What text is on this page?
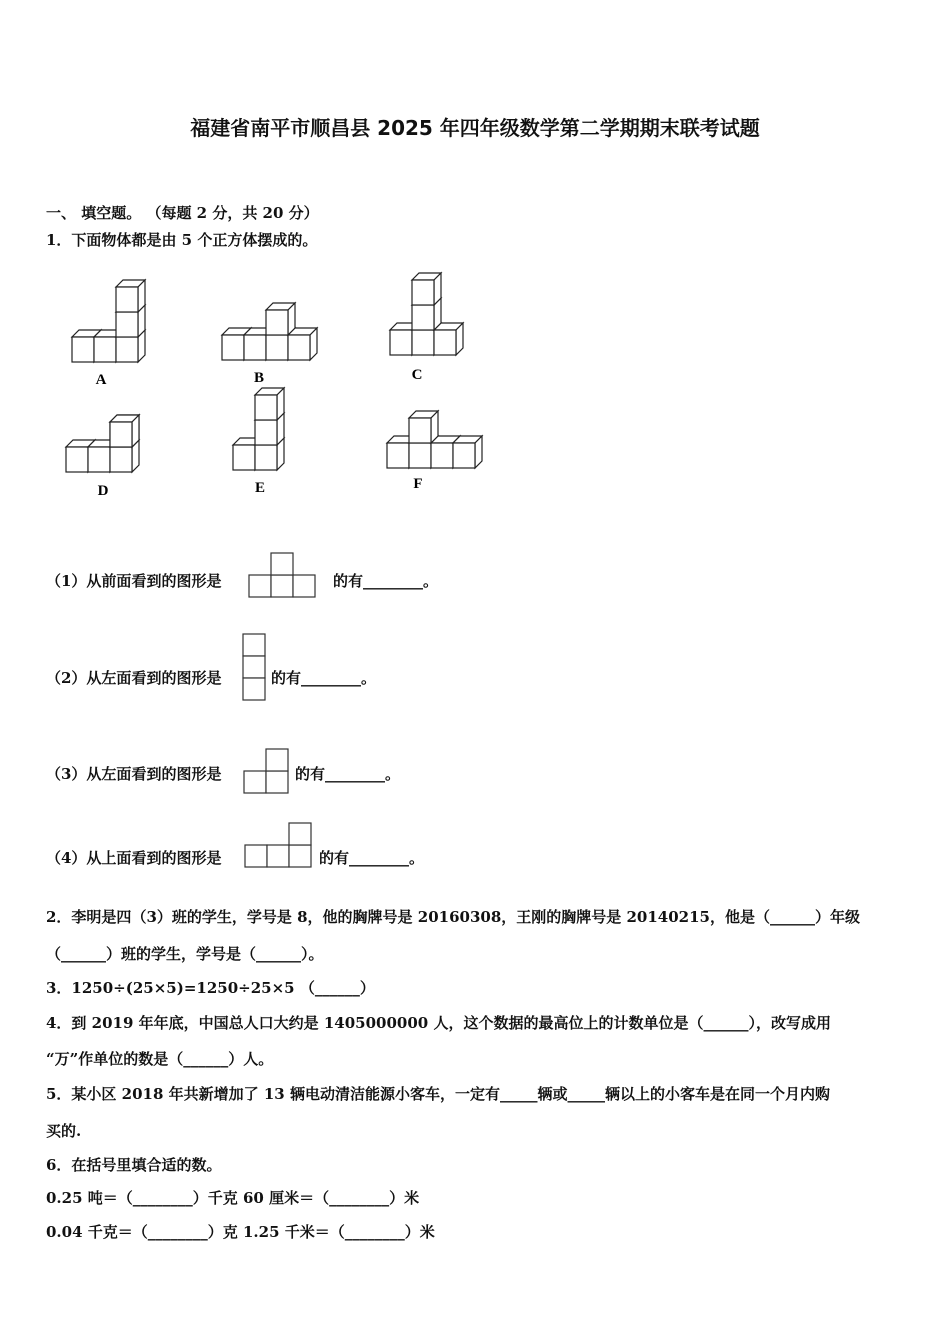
福建省南平市顺昌县 2025 年四年级数学第二学期期末联考试题
一、 填空题。 （每题 2 分，共 20 分）
1．下面物体都是由 5 个正方体摆成的。
A	B	C
D	E	F
（1）从前面看到的图形是	的有________。
（2）从左面看到的图形是	的有________。
（3）从左面看到的图形是	的有________。
（4）从上面看到的图形是	的有________。
2．李明是四（3）班的学生，学号是 8，他的胸牌号是 20160308，王刚的胸牌号是 20140215，他是（______）年级
（______）班的学生，学号是（______）。
3．1250÷(25×5)=1250÷25×5 （______）
4．到 2019 年年底，中国总人口大约是 1405000000 人，这个数据的最高位上的计数单位是（______），改写成用
“万”作单位的数是（______）人。
5．某小区 2018 年共新增加了 13 辆电动清洁能源小客车，一定有_____辆或_____辆以上的小客车是在同一个月内购
买的.
6．在括号里填合适的数。
0.25 吨＝（________）千克 60 厘米＝（________）米
0.04 千克＝（________）克 1.25 千米＝（________）米
